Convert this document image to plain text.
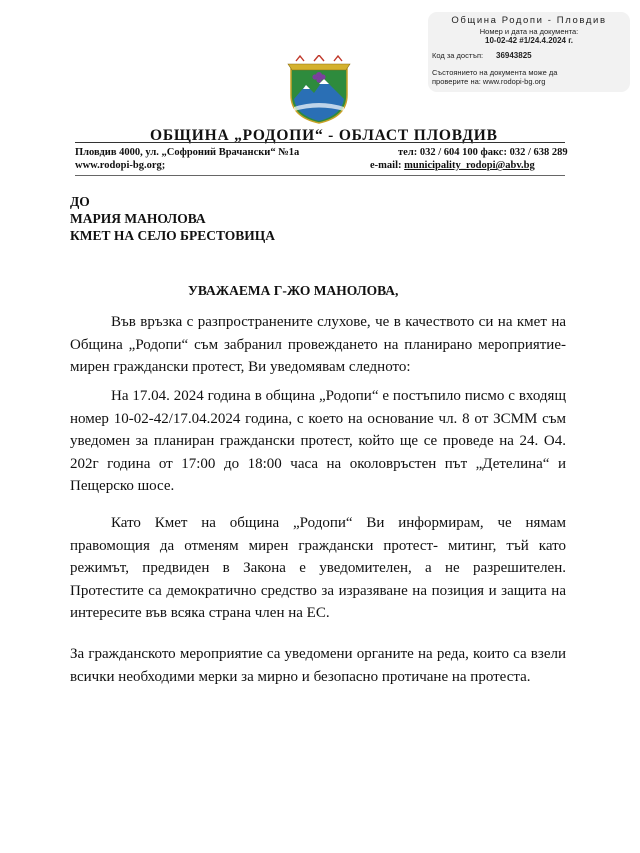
Община Родопи - Пловдив
Номер и дата на документа:
10-02-42 #1/24.4.2024 г.
Код за достъп: 36943825
Състоянието на документа може да
проверите на: www.rodopi-bg.org
ОБЩИНА „РОДОПИ“ - ОБЛАСТ ПЛОВДИВ
Пловдив 4000, ул. „Софроний Врачански“ №1а
www.rodopi-bg.org;
тел: 032 / 604 100 факс: 032 / 638 289
e-mail: municipality_rodopi@abv.bg
ДО
МАРИЯ МАНОЛОВА
КМЕТ НА СЕЛО БРЕСТОВИЦА
УВАЖАЕМА Г-ЖО МАНОЛОВА,

Във връзка с разпространените слухове, че в качеството си на кмет на Община „Родопи“ съм забранил провеждането на планирано мероприятие- мирен граждански протест, Ви уведомявам следното:

На 17.04. 2024 година в община „Родопи“ е постъпило писмо с входящ номер 10-02-42/17.04.2024 година, с което на основание чл. 8 от ЗСММ съм уведомен за планиран граждански протест, който ще се проведе на 24. О4. 202г година от 17:00 до 18:00 часа на околовръстен път „Детелина“ и Пещерско шосе.

Като Кмет на община „Родопи“ Ви информирам, че нямам правомощия да отменям мирен граждански протест- митинг, тъй като режимът, предвиден в Закона е уведомителен, а не разрешителен. Протестите са демократично средство за изразяване на позиция и защита на интересите във всяка страна член на ЕС.

За гражданското мероприятие са уведомени органите на реда, които са взели всички необходими мерки за мирно и безопасно протичане на протеста.
